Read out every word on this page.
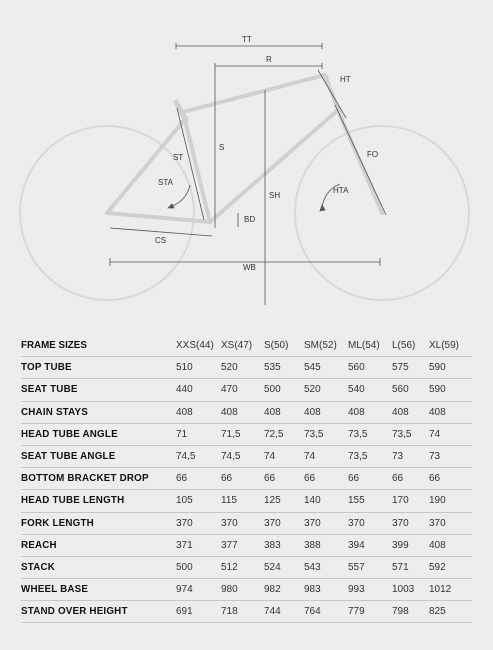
TT
R
HT
S
ST
STA
FO
SH
HTA
BD
CS
WB
FRAME SIZES	XXS(44)	XS(47)	S(50)	SM(52)	ML(54)	L(56)	XL(59)
TOP TUBE	510	520	535	545	560	575	590
SEAT TUBE	440	470	500	520	540	560	590
CHAIN STAYS	408	408	408	408	408	408	408
HEAD TUBE ANGLE	71	71,5	72,5	73,5	73,5	73,5	74
SEAT TUBE ANGLE	74,5	74,5	74	74	73,5	73	73
BOTTOM BRACKET DROP	66	66	66	66	66	66	66
HEAD TUBE LENGTH	105	115	125	140	155	170	190
FORK LENGTH	370	370	370	370	370	370	370
REACH	371	377	383	388	394	399	408
STACK	500	512	524	543	557	571	592
WHEEL BASE	974	980	982	983	993	1003	1012
STAND OVER HEIGHT	691	718	744	764	779	798	825
